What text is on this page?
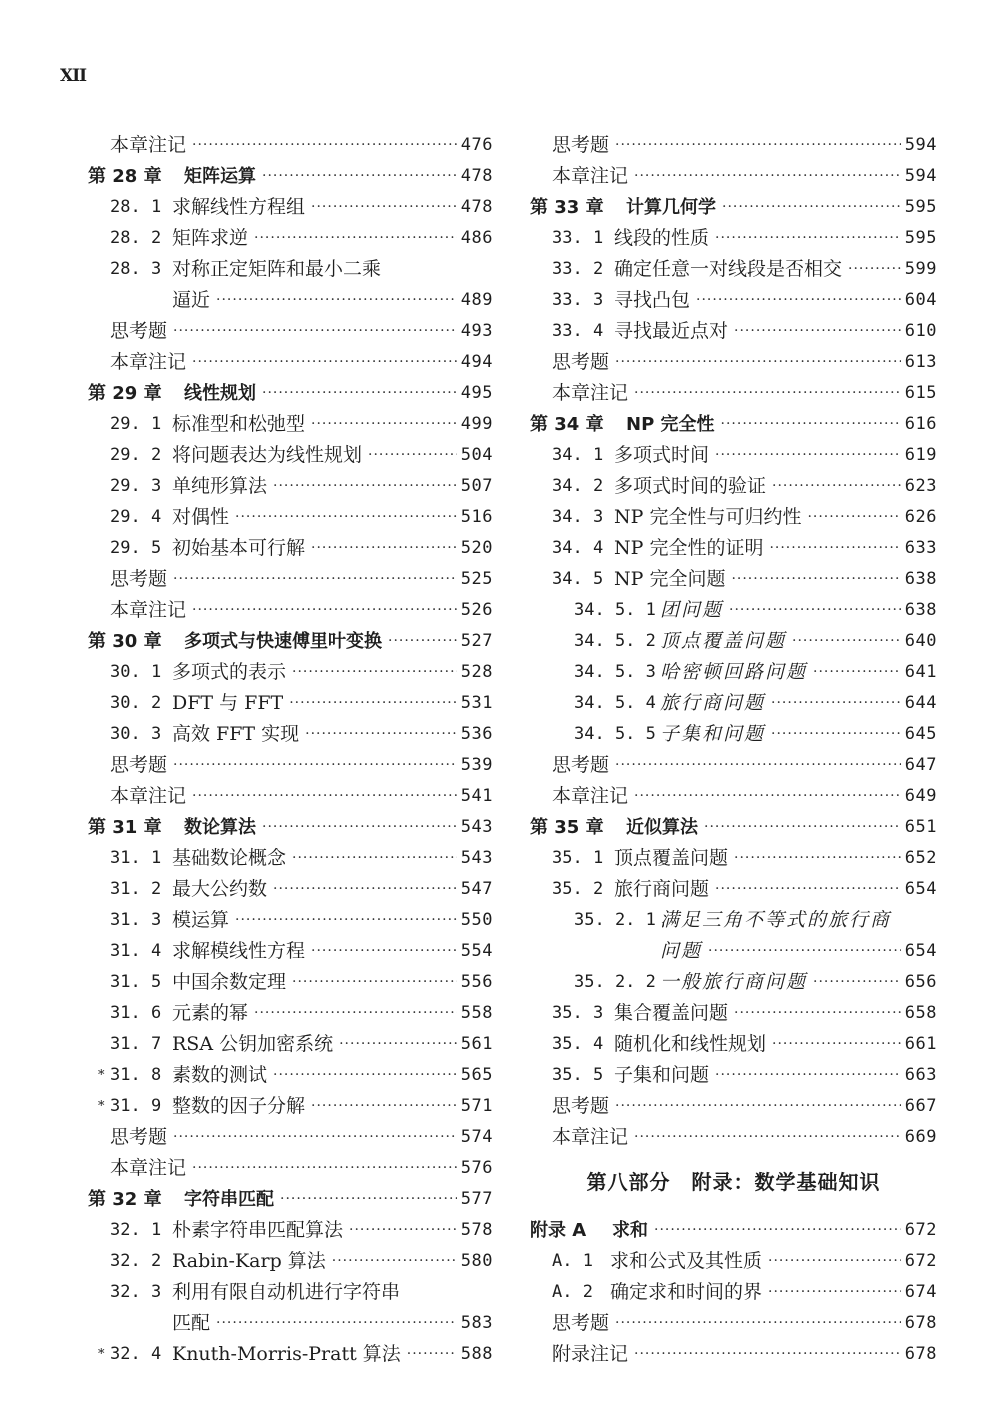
XII
本章注记 ·····	476
第 28 章	矩阵运算 ·····	478
28. 1 求解线性方程组 ·····	478
28. 2 矩阵求逆 ·····	486
28. 3 对称正定矩阵和最小二乘
逼近 ·····	489
思考题 ·····	493
本章注记 ·····	494
第 29 章	线性规划 ·····	495
29. 1 标准型和松弛型 ·····	499
29. 2 将问题表达为线性规划 ·····	504
29. 3 单纯形算法 ·····	507
29. 4 对偶性 ·····	516
29. 5 初始基本可行解 ·····	520
思考题 ·····	525
本章注记 ·····	526
第 30 章	多项式与快速傅里叶变换 ·····	527
30. 1 多项式的表示 ·····	528
30. 2 DFT 与 FFT ·····	531
30. 3 高效 FFT 实现 ·····	536
思考题 ·····	539
本章注记 ·····	541
第 31 章	数论算法 ·····	543
31. 1 基础数论概念 ·····	543
31. 2 最大公约数 ·····	547
31. 3 模运算 ·····	550
31. 4 求解模线性方程 ·····	554
31. 5 中国余数定理 ·····	556
31. 6 元素的幂 ·····	558
31. 7 RSA 公钥加密系统 ·····	561
* 31. 8 素数的测试 ·····	565
* 31. 9 整数的因子分解 ·····	571
思考题 ·····	574
本章注记 ·····	576
第 32 章	字符串匹配 ·····	577
32. 1 朴素字符串匹配算法 ·····	578
32. 2 Rabin-Karp 算法 ·····	580
32. 3 利用有限自动机进行字符串
匹配 ·····	583
* 32. 4 Knuth-Morris-Pratt 算法 ·····	588
思考题 ·····	594
本章注记 ·····	594
第 33 章	计算几何学 ·····	595
33. 1 线段的性质 ·····	595
33. 2 确定任意一对线段是否相交 ·····	599
33. 3 寻找凸包 ·····	604
33. 4 寻找最近点对 ·····	610
思考题 ·····	613
本章注记 ·····	615
第 34 章	NP 完全性 ·····	616
34. 1 多项式时间 ·····	619
34. 2 多项式时间的验证 ·····	623
34. 3 NP 完全性与可归约性 ·····	626
34. 4 NP 完全性的证明 ·····	633
34. 5 NP 完全问题 ·····	638
34. 5. 1 团问题 ·····	638
34. 5. 2 顶点覆盖问题 ·····	640
34. 5. 3 哈密顿回路问题 ·····	641
34. 5. 4 旅行商问题 ·····	644
34. 5. 5 子集和问题 ·····	645
思考题 ·····	647
本章注记 ·····	649
第 35 章	近似算法 ·····	651
35. 1 顶点覆盖问题 ·····	652
35. 2 旅行商问题 ·····	654
35. 2. 1 满足三角不等式的旅行商
问题 ·····	654
35. 2. 2 一般旅行商问题 ·····	656
35. 3 集合覆盖问题 ·····	658
35. 4 随机化和线性规划 ·····	661
35. 5 子集和问题 ·····	663
思考题 ·····	667
本章注记 ·····	669
第八部分　附录：数学基础知识
附录 A	求和 ·····	672
A. 1 求和公式及其性质 ·····	672
A. 2 确定求和时间的界 ·····	674
思考题 ·····	678
附录注记 ·····	678
